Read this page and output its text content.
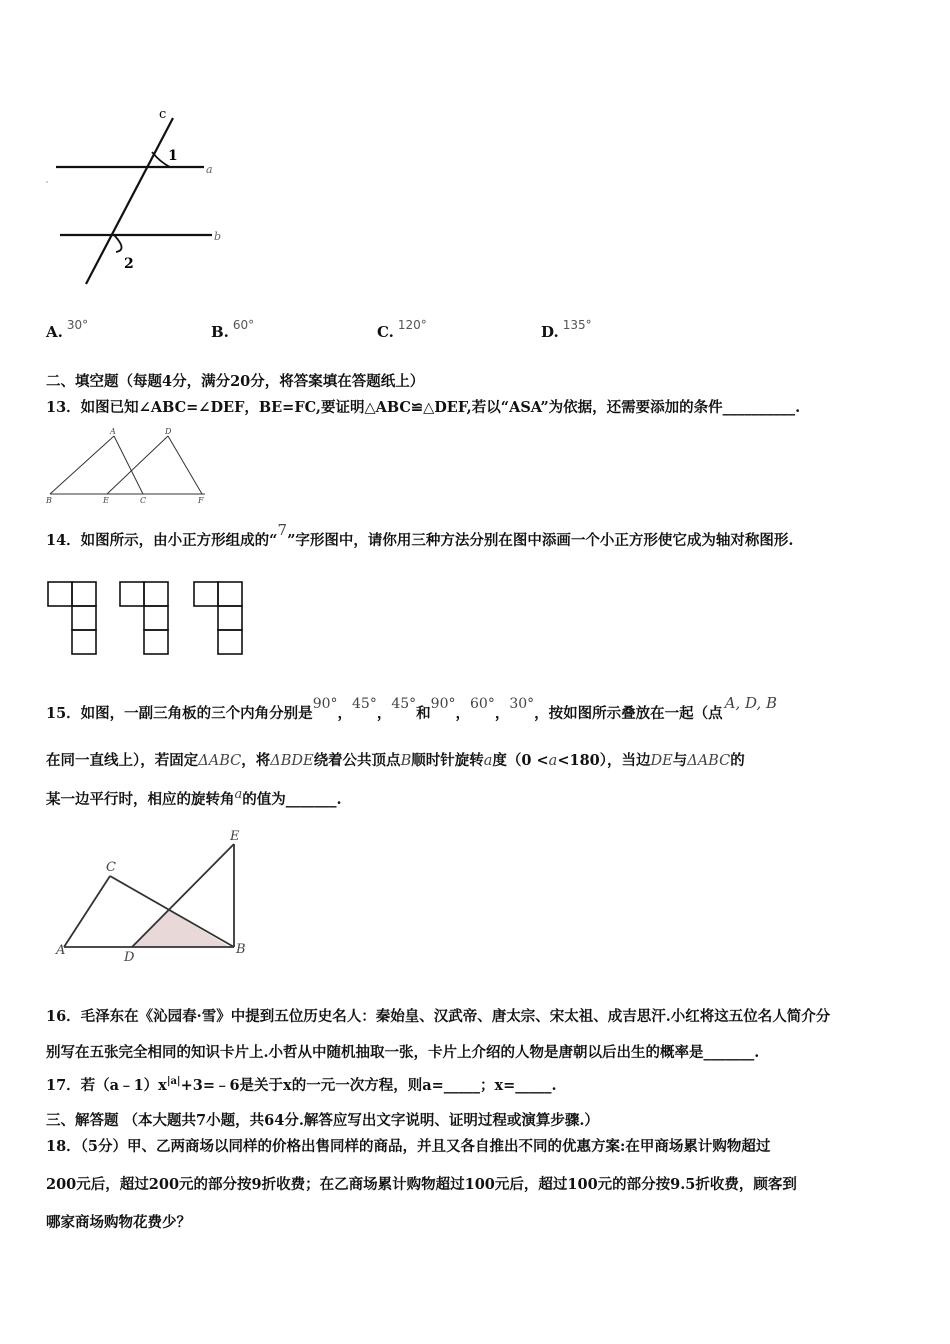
c
a
b
1
2
A. $^{30^\circ}$	B. $^{60^\circ}$	C. $^{120^\circ}$	D. $^{135^\circ}$
二、填空题（每题4分，满分20分，将答案填在答题纸上）
13．如图已知∠ABC=∠DEF，BE=FC,要证明△ABC≌△DEF,若以“ASA”为依据，还需要添加的条件__________.
A	D
B	E	C	F
14．如图所示，由小正方形组成的“7”字形图中，请你用三种方法分别在图中添画一个小正方形使它成为轴对称图形.
15．如图，一副三角板的三个内角分别是90°，45°，45°和90°，60°，30°，按如图所示叠放在一起（点A, D, B
在同一直线上），若固定ΔABC，将ΔBDE绕着公共顶点B顺时针旋转a度（0 <a<180），当边DE与ΔABC的
某一边平行时，相应的旋转角a的值为_______.
C
E
A	D
B
16．毛泽东在《沁园春·雪》中提到五位历史名人：秦始皇、汉武帝、唐太宗、宋太祖、成吉思汗.小红将这五位名人简介分
别写在五张完全相同的知识卡片上.小哲从中随机抽取一张，卡片上介绍的人物是唐朝以后出生的概率是_______.
17．若$(a﹣1)x^{|a|}+3=﹣6$是关于x的一元一次方程，则a=_____；x=_____.
三、解答题 （本大题共7小题，共64分.解答应写出文字说明、证明过程或演算步骤.）
18．（5分）甲、乙两商场以同样的价格出售同样的商品，并且又各自推出不同的优惠方案:在甲商场累计购物超过
200元后，超过200元的部分按9折收费；在乙商场累计购物超过100元后，超过100元的部分按9.5折收费，顾客到
哪家商场购物花费少？
